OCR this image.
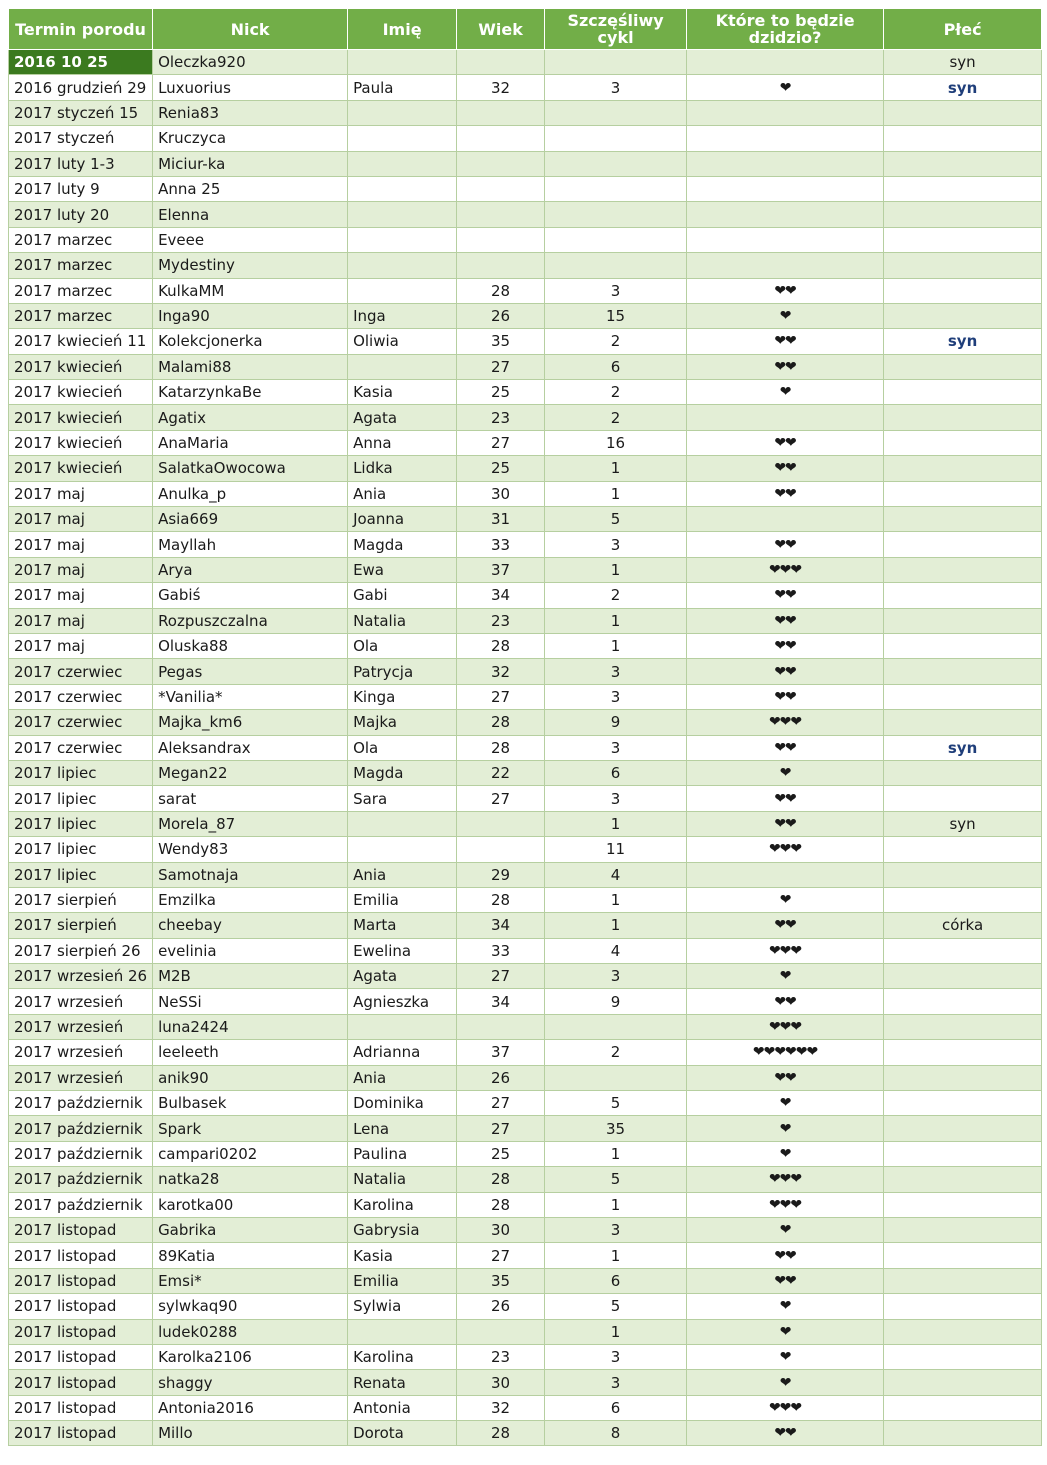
Termin porodu	Nick	Imię	Wiek	Szczęśliwy cykl	Które to będzie dzidzio?	Płeć
2016 10 25	Oleczka920					syn
2016 grudzień 29	Luxuorius	Paula	32	3	❤	syn
2017 styczeń 15	Renia83					
2017 styczeń	Kruczyca					
2017 luty 1-3	Miciur-ka					
2017 luty 9	Anna 25					
2017 luty 20	Elenna					
2017 marzec	Eveee					
2017 marzec	Mydestiny					
2017 marzec	KulkaMM		28	3	❤❤	
2017 marzec	Inga90	Inga	26	15	❤	
2017 kwiecień 11	Kolekcjonerka	Oliwia	35	2	❤❤	syn
2017 kwiecień	Malami88		27	6	❤❤	
2017 kwiecień	KatarzynkaBe	Kasia	25	2	❤	
2017 kwiecień	Agatix	Agata	23	2		
2017 kwiecień	AnaMaria	Anna	27	16	❤❤	
2017 kwiecień	SalatkaOwocowa	Lidka	25	1	❤❤	
2017 maj	Anulka_p	Ania	30	1	❤❤	
2017 maj	Asia669	Joanna	31	5		
2017 maj	Mayllah	Magda	33	3	❤❤	
2017 maj	Arya	Ewa	37	1	❤❤❤	
2017 maj	Gabiś	Gabi	34	2	❤❤	
2017 maj	Rozpuszczalna	Natalia	23	1	❤❤	
2017 maj	Oluska88	Ola	28	1	❤❤	
2017 czerwiec	Pegas	Patrycja	32	3	❤❤	
2017 czerwiec	*Vanilia*	Kinga	27	3	❤❤	
2017 czerwiec	Majka_km6	Majka	28	9	❤❤❤	
2017 czerwiec	Aleksandrax	Ola	28	3	❤❤	syn
2017 lipiec	Megan22	Magda	22	6	❤	
2017 lipiec	sarat	Sara	27	3	❤❤	
2017 lipiec	Morela_87			1	❤❤	syn
2017 lipiec	Wendy83			11	❤❤❤	
2017 lipiec	Samotnaja	Ania	29	4		
2017 sierpień	Emzilka	Emilia	28	1	❤	
2017 sierpień	cheebay	Marta	34	1	❤❤	córka
2017 sierpień 26	evelinia	Ewelina	33	4	❤❤❤	
2017 wrzesień 26	M2B	Agata	27	3	❤	
2017 wrzesień	NeSSi	Agnieszka	34	9	❤❤	
2017 wrzesień	luna2424				❤❤❤	
2017 wrzesień	leeleeth	Adrianna	37	2	❤❤❤❤❤❤	
2017 wrzesień	anik90	Ania	26		❤❤	
2017 październik	Bulbasek	Dominika	27	5	❤	
2017 październik	Spark	Lena	27	35	❤	
2017 październik	campari0202	Paulina	25	1	❤	
2017 październik	natka28	Natalia	28	5	❤❤❤	
2017 październik	karotka00	Karolina	28	1	❤❤❤	
2017 listopad	Gabrika	Gabrysia	30	3	❤	
2017 listopad	89Katia	Kasia	27	1	❤❤	
2017 listopad	Emsi*	Emilia	35	6	❤❤	
2017 listopad	sylwkaq90	Sylwia	26	5	❤	
2017 listopad	ludek0288			1	❤	
2017 listopad	Karolka2106	Karolina	23	3	❤	
2017 listopad	shaggy	Renata	30	3	❤	
2017 listopad	Antonia2016	Antonia	32	6	❤❤❤	
2017 listopad	Millo	Dorota	28	8	❤❤	
